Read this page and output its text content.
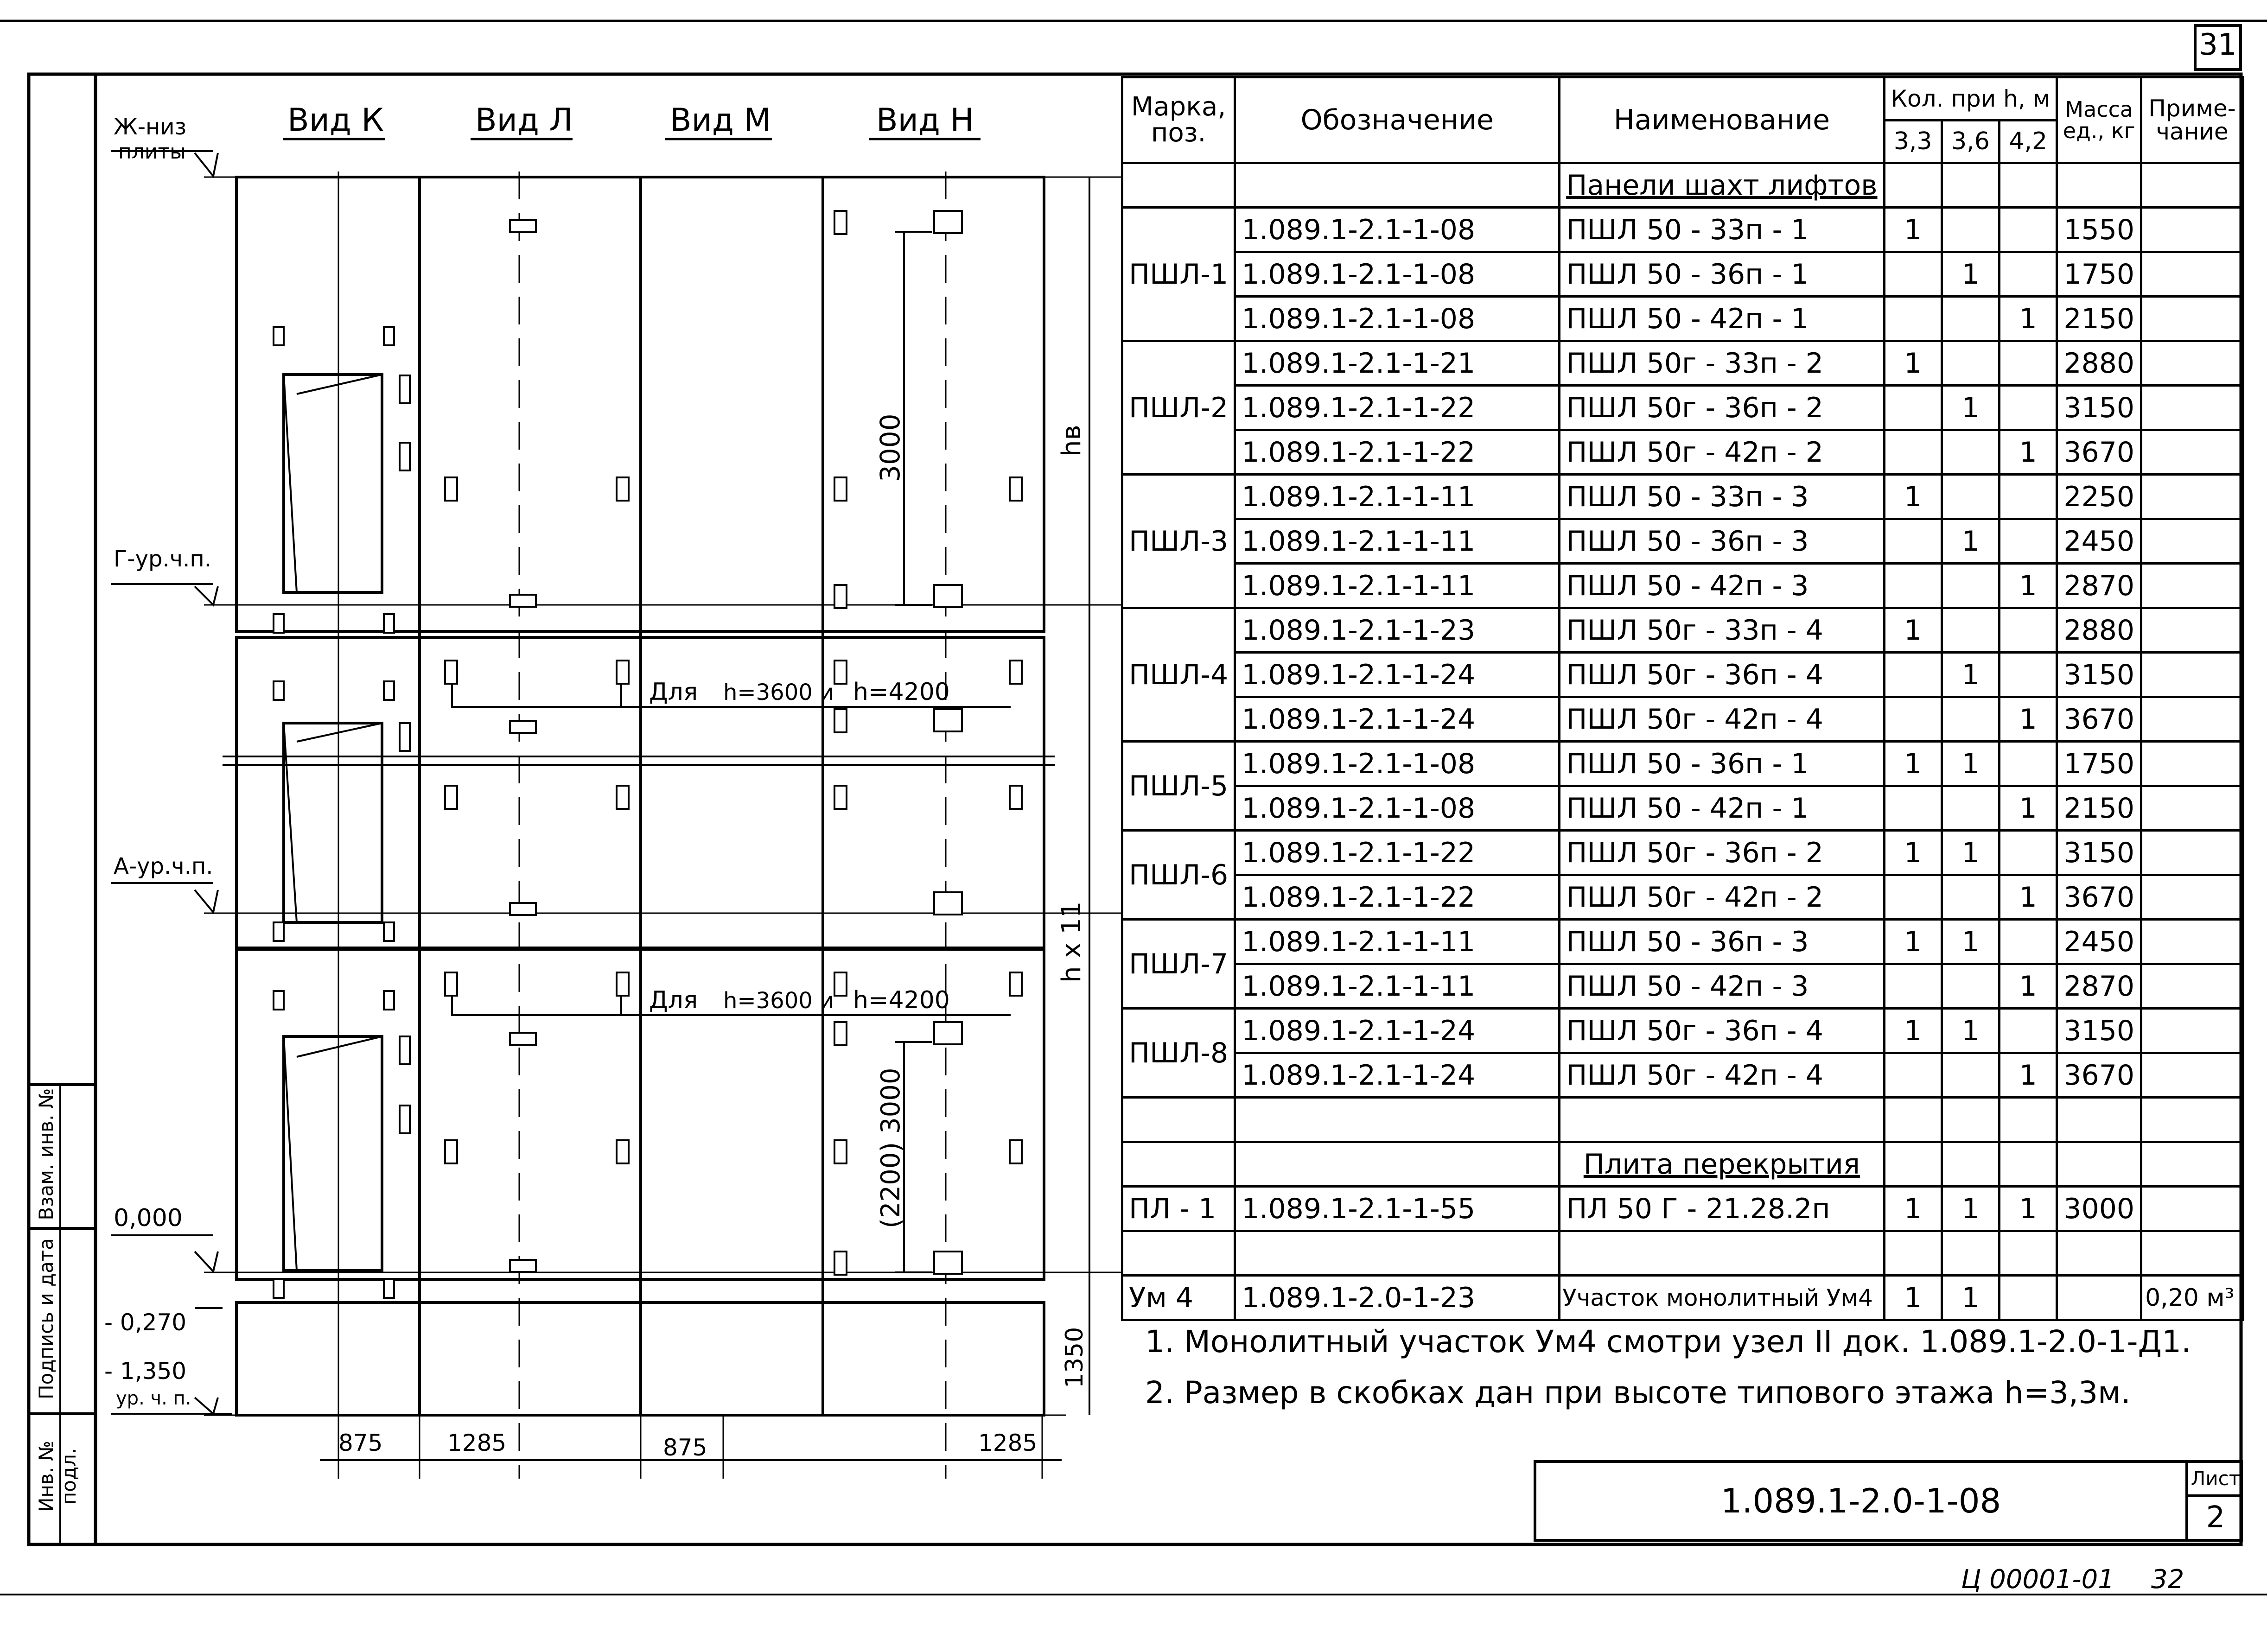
31
Инв. № подл.
Подпись и дата
Взам. инв. №
Вид К	Вид Л	Вид М	Вид Н
Ж-низ
плиты
Г-ур.ч.п.
А-ур.ч.п.
0,000
- 0,270
- 1,350
ур. ч. п.
Для h=3600 и h=4200
Для h=3600 и h=4200
hв
h x 11
3000
(2200) 3000
1350
875	1285	875	1285
Марка, поз.	Обозначение	Наименование	Кол. при h, м			Масса ед., кг	Приме- чание
			3,3	3,6	4,2		
		Панели шахт лифтов					
ПШЛ-1	1.089.1-2.1-1-08	ПШЛ 50 - 33п - 1	1			1550	
	1.089.1-2.1-1-08	ПШЛ 50 - 36п - 1		1		1750	
	1.089.1-2.1-1-08	ПШЛ 50 - 42п - 1			1	2150	
ПШЛ-2	1.089.1-2.1-1-21	ПШЛ 50г - 33п - 2	1			2880	
	1.089.1-2.1-1-22	ПШЛ 50г - 36п - 2		1		3150	
	1.089.1-2.1-1-22	ПШЛ 50г - 42п - 2			1	3670	
ПШЛ-3	1.089.1-2.1-1-11	ПШЛ 50 - 33п - 3	1			2250	
	1.089.1-2.1-1-11	ПШЛ 50 - 36п - 3		1		2450	
	1.089.1-2.1-1-11	ПШЛ 50 - 42п - 3			1	2870	
ПШЛ-4	1.089.1-2.1-1-23	ПШЛ 50г - 33п - 4	1			2880	
	1.089.1-2.1-1-24	ПШЛ 50г - 36п - 4		1		3150	
	1.089.1-2.1-1-24	ПШЛ 50г - 42п - 4			1	3670	
ПШЛ-5	1.089.1-2.1-1-08	ПШЛ 50 - 36п - 1	1	1		1750	
	1.089.1-2.1-1-08	ПШЛ 50 - 42п - 1			1	2150	
ПШЛ-6	1.089.1-2.1-1-22	ПШЛ 50г - 36п - 2	1	1		3150	
	1.089.1-2.1-1-22	ПШЛ 50г - 42п - 2			1	3670	
ПШЛ-7	1.089.1-2.1-1-11	ПШЛ 50 - 36п - 3	1	1		2450	
	1.089.1-2.1-1-11	ПШЛ 50 - 42п - 3			1	2870	
ПШЛ-8	1.089.1-2.1-1-24	ПШЛ 50г - 36п - 4	1	1		3150	
	1.089.1-2.1-1-24	ПШЛ 50г - 42п - 4			1	3670	

		Плита перекрытия					
ПЛ - 1	1.089.1-2.1-1-55	ПЛ 50 Г - 21.28.2п	1	1	1	3000	

Ум 4	1.089.1-2.0-1-23	Участок монолитный Ум4	1	1			0,20 м³
1. Монолитный участок Ум4 смотри узел II док. 1.089.1-2.0-1-Д1.
2. Размер в скобках дан при высоте типового этажа h=3,3м.
1.089.1-2.0-1-08
Лист
2
Ц 00001-01 32
